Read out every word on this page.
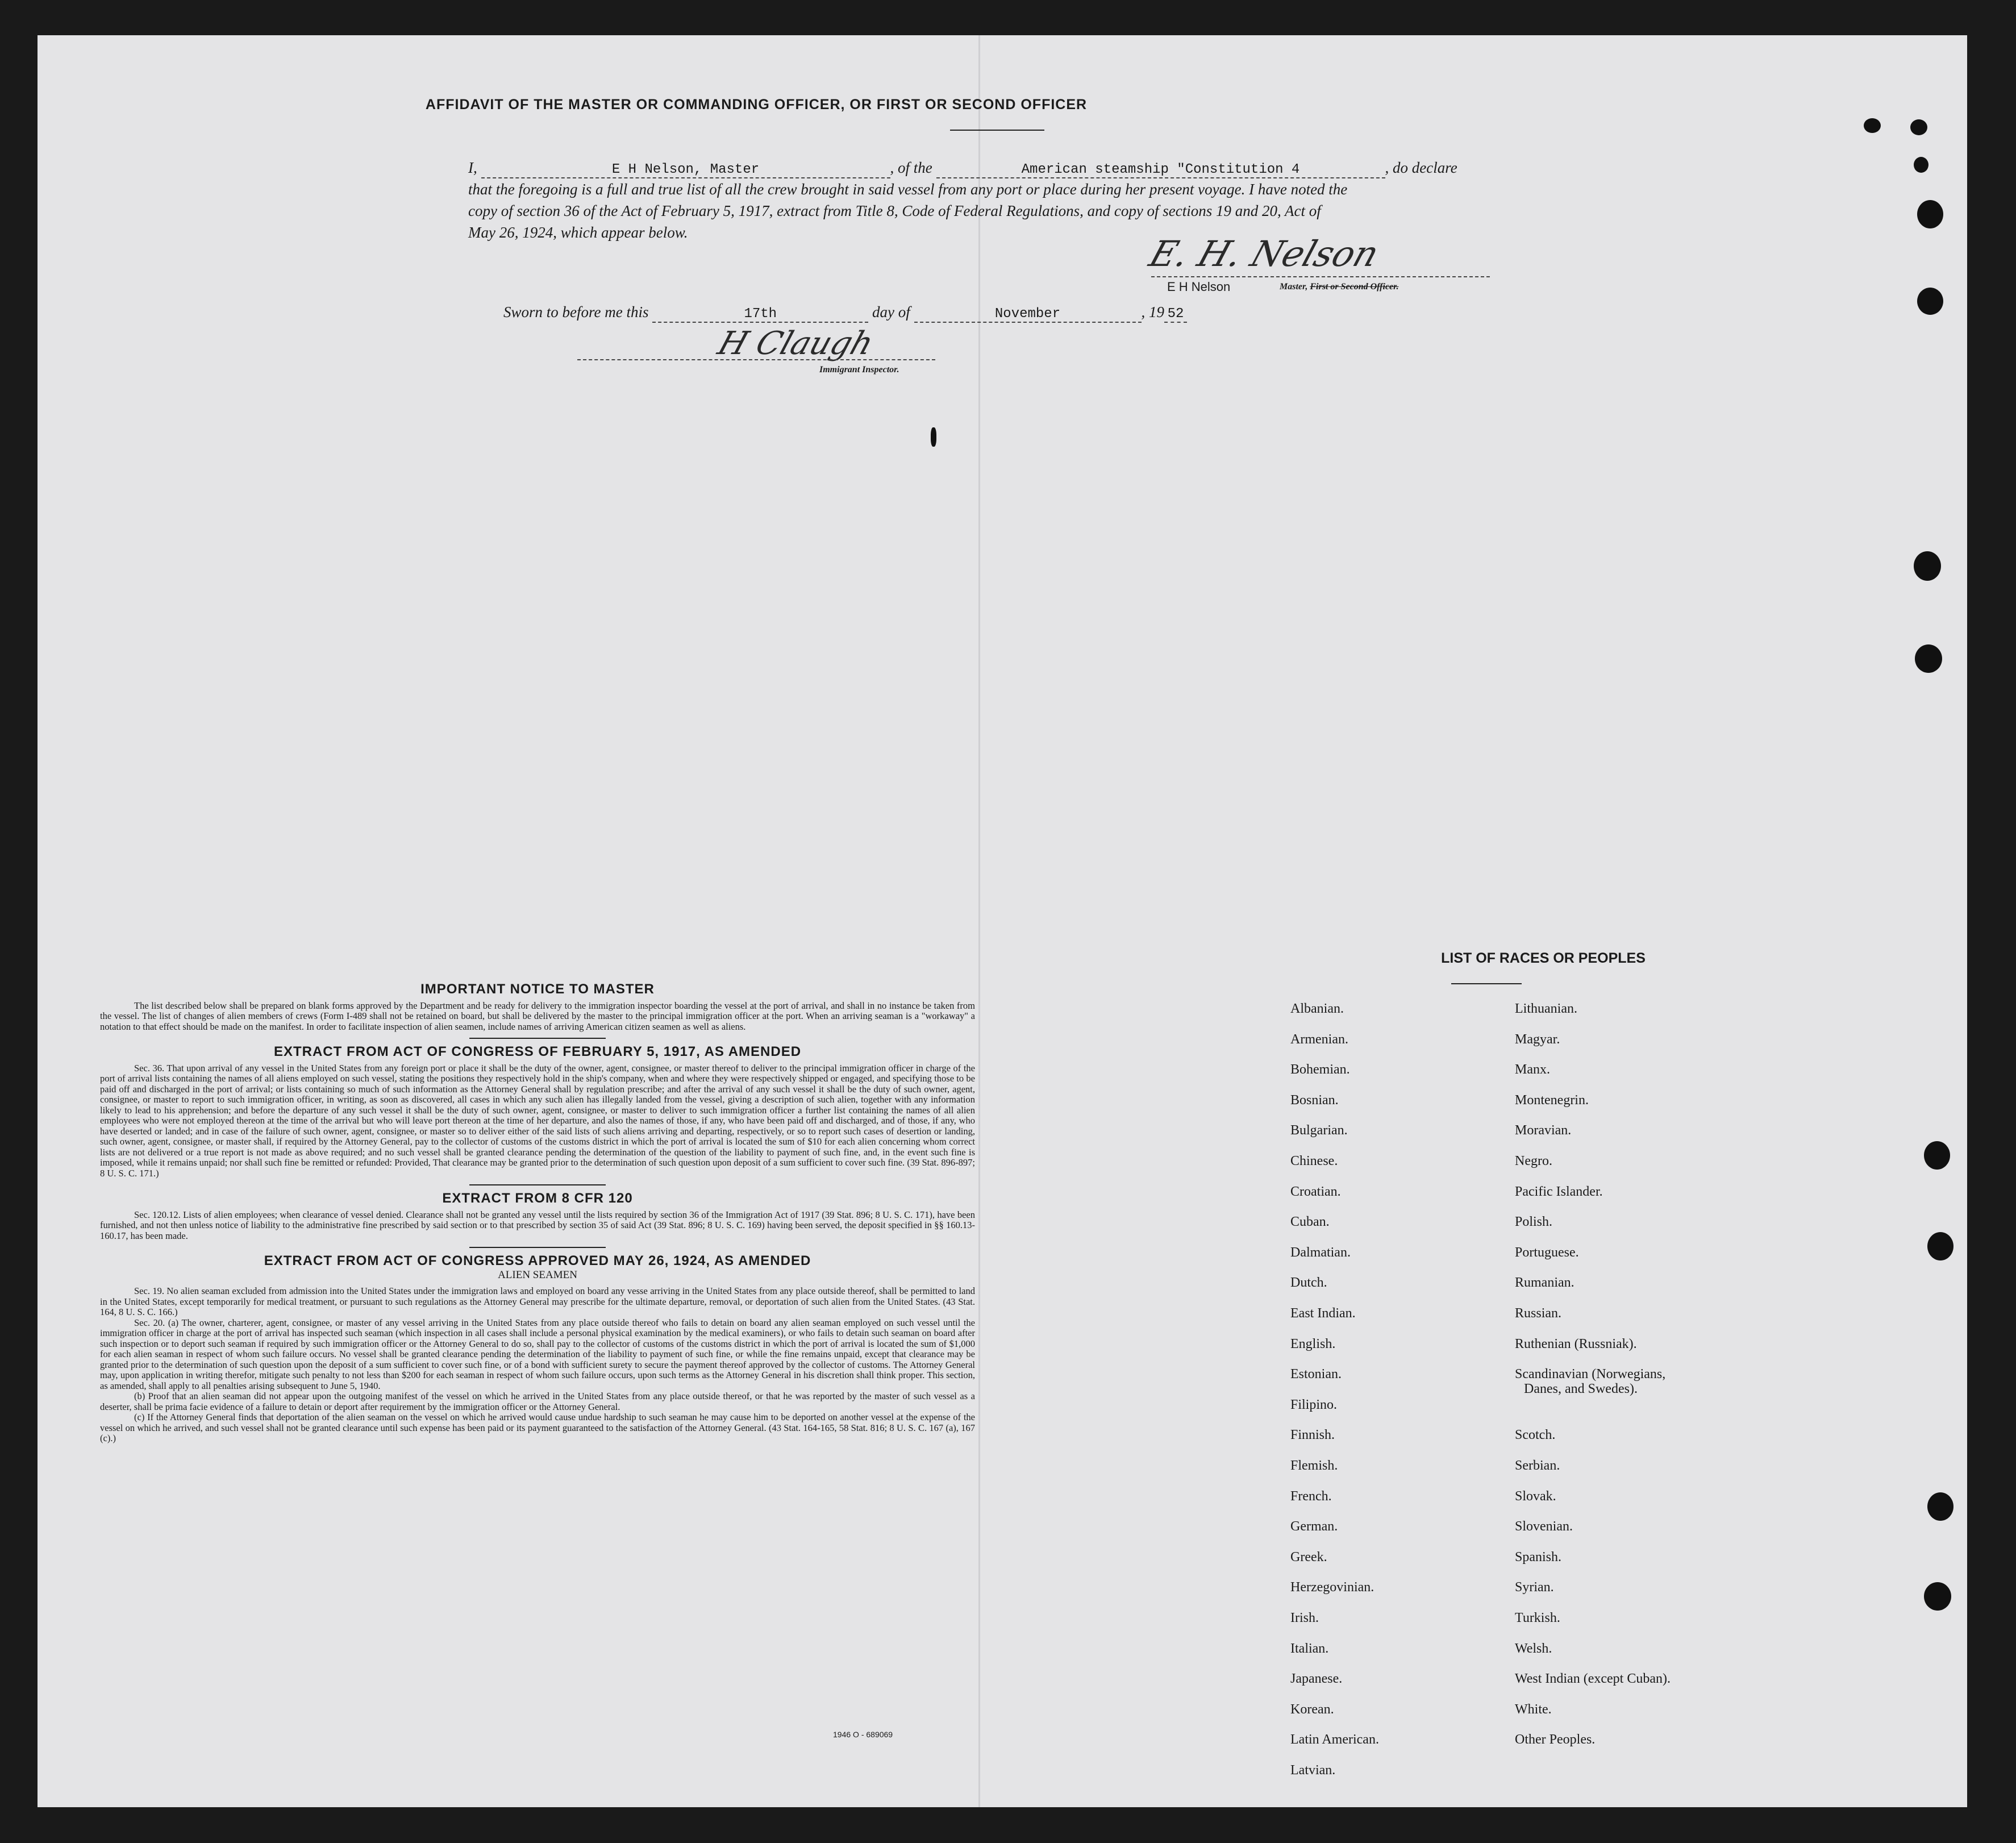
AFFIDAVIT OF THE MASTER OR COMMANDING OFFICER, OR FIRST OR SECOND OFFICER
I,	E H Nelson, Master	, of the	American steamship "Constitution 4	, do declare
that the foregoing is a full and true list of all the crew brought in said vessel from any port or place during her present voyage. I have noted the
copy of section 36 of the Act of February 5, 1917, extract from Title 8, Code of Federal Regulations, and copy of sections 19 and 20, Act of
May 26, 1924, which appear below.
E. H. Nelson
E H Nelson	Master, First or Second Officer.
Sworn to before me this	17th	day of	November	, 19 52
H Claugh
Immigrant Inspector.
IMPORTANT NOTICE TO MASTER
The list described below shall be prepared on blank forms approved by the Department and be ready for delivery to the immigration inspector boarding the vessel at the port of arrival, and shall in no instance be taken from the vessel. The list of changes of alien members of crews (Form I-489 shall not be retained on board, but shall be delivered by the master to the principal immigration officer at the port. When an arriving seaman is a "workaway" a notation to that effect should be made on the manifest. In order to facilitate inspection of alien seamen, include names of arriving American citizen seamen as well as aliens.
EXTRACT FROM ACT OF CONGRESS OF FEBRUARY 5, 1917, AS AMENDED
Sec. 36. That upon arrival of any vessel in the United States from any foreign port or place it shall be the duty of the owner, agent, consignee, or master thereof to deliver to the principal immigration officer in charge of the port of arrival lists containing the names of all aliens employed on such vessel, stating the positions they respectively hold in the ship's company, when and where they were respectively shipped or engaged, and specifying those to be paid off and discharged in the port of arrival; or lists containing so much of such information as the Attorney General shall by regulation prescribe; and after the arrival of any such vessel it shall be the duty of such owner, agent, consignee, or master to report to such immigration officer, in writing, as soon as discovered, all cases in which any such alien has illegally landed from the vessel, giving a description of such alien, together with any information likely to lead to his apprehension; and before the departure of any such vessel it shall be the duty of such owner, agent, consignee, or master to deliver to such immigration officer a further list containing the names of all alien employees who were not employed thereon at the time of the arrival but who will leave port thereon at the time of her departure, and also the names of those, if any, who have been paid off and discharged, and of those, if any, who have deserted or landed; and in case of the failure of such owner, agent, consignee, or master so to deliver either of the said lists of such aliens arriving and departing, respectively, or so to report such cases of desertion or landing, such owner, agent, consignee, or master shall, if required by the Attorney General, pay to the collector of customs of the customs district in which the port of arrival is located the sum of $10 for each alien concerning whom correct lists are not delivered or a true report is not made as above required; and no such vessel shall be granted clearance pending the determination of the question of the liability to payment of such fine, and, in the event such fine is imposed, while it remains unpaid; nor shall such fine be remitted or refunded: Provided, That clearance may be granted prior to the determination of such question upon deposit of a sum sufficient to cover such fine. (39 Stat. 896-897; 8 U. S. C. 171.)
EXTRACT FROM 8 CFR 120
Sec. 120.12. Lists of alien employees; when clearance of vessel denied. Clearance shall not be granted any vessel until the lists required by section 36 of the Immigration Act of 1917 (39 Stat. 896; 8 U. S. C. 171), have been furnished, and not then unless notice of liability to the administrative fine prescribed by said section or to that prescribed by section 35 of said Act (39 Stat. 896; 8 U. S. C. 169) having been served, the deposit specified in §§ 160.13-160.17, has been made.
EXTRACT FROM ACT OF CONGRESS APPROVED MAY 26, 1924, AS AMENDED
ALIEN SEAMEN
Sec. 19. No alien seaman excluded from admission into the United States under the immigration laws and employed on board any vesse arriving in the United States from any place outside thereof, shall be permitted to land in the United States, except temporarily for medical treatment, or pursuant to such regulations as the Attorney General may prescribe for the ultimate departure, removal, or deportation of such alien from the United States. (43 Stat. 164, 8 U. S. C. 166.)
Sec. 20. (a) The owner, charterer, agent, consignee, or master of any vessel arriving in the United States from any place outside thereof who fails to detain on board any alien seaman employed on such vessel until the immigration officer in charge at the port of arrival has inspected such seaman (which inspection in all cases shall include a personal physical examination by the medical examiners), or who fails to detain such seaman on board after such inspection or to deport such seaman if required by such immigration officer or the Attorney General to do so, shall pay to the collector of customs of the customs district in which the port of arrival is located the sum of $1,000 for each alien seaman in respect of whom such failure occurs. No vessel shall be granted clearance pending the determination of the liability to payment of such fine, or while the fine remains unpaid, except that clearance may be granted prior to the determination of such question upon the deposit of a sum sufficient to cover such fine, or of a bond with sufficient surety to secure the payment thereof approved by the collector of customs. The Attorney General may, upon application in writing therefor, mitigate such penalty to not less than $200 for each seaman in respect of whom such failure occurs, upon such terms as the Attorney General in his discretion shall think proper. This section, as amended, shall apply to all penalties arising subsequent to June 5, 1940.
(b) Proof that an alien seaman did not appear upon the outgoing manifest of the vessel on which he arrived in the United States from any place outside thereof, or that he was reported by the master of such vessel as a deserter, shall be prima facie evidence of a failure to detain or deport after requirement by the immigration officer or the Attorney General.
(c) If the Attorney General finds that deportation of the alien seaman on the vessel on which he arrived would cause undue hardship to such seaman he may cause him to be deported on another vessel at the expense of the vessel on which he arrived, and such vessel shall not be granted clearance until such expense has been paid or its payment guaranteed to the satisfaction of the Attorney General. (43 Stat. 164-165, 58 Stat. 816; 8 U. S. C. 167 (a), 167 (c).)
1946 O - 689069
LIST OF RACES OR PEOPLES
Albanian.
Armenian.
Bohemian.
Bosnian.
Bulgarian.
Chinese.
Croatian.
Cuban.
Dalmatian.
Dutch.
East Indian.
English.
Estonian.
Filipino.
Finnish.
Flemish.
French.
German.
Greek.
Herzegovinian.
Irish.
Italian.
Japanese.
Korean.
Latin American.
Latvian.
Lithuanian.
Magyar.
Manx.
Montenegrin.
Moravian.
Negro.
Pacific Islander.
Polish.
Portuguese.
Rumanian.
Russian.
Ruthenian (Russniak).
Scandinavian (Norwegians,
Danes, and Swedes).
Scotch.
Serbian.
Slovak.
Slovenian.
Spanish.
Syrian.
Turkish.
Welsh.
West Indian (except Cuban).
White.
Other Peoples.
